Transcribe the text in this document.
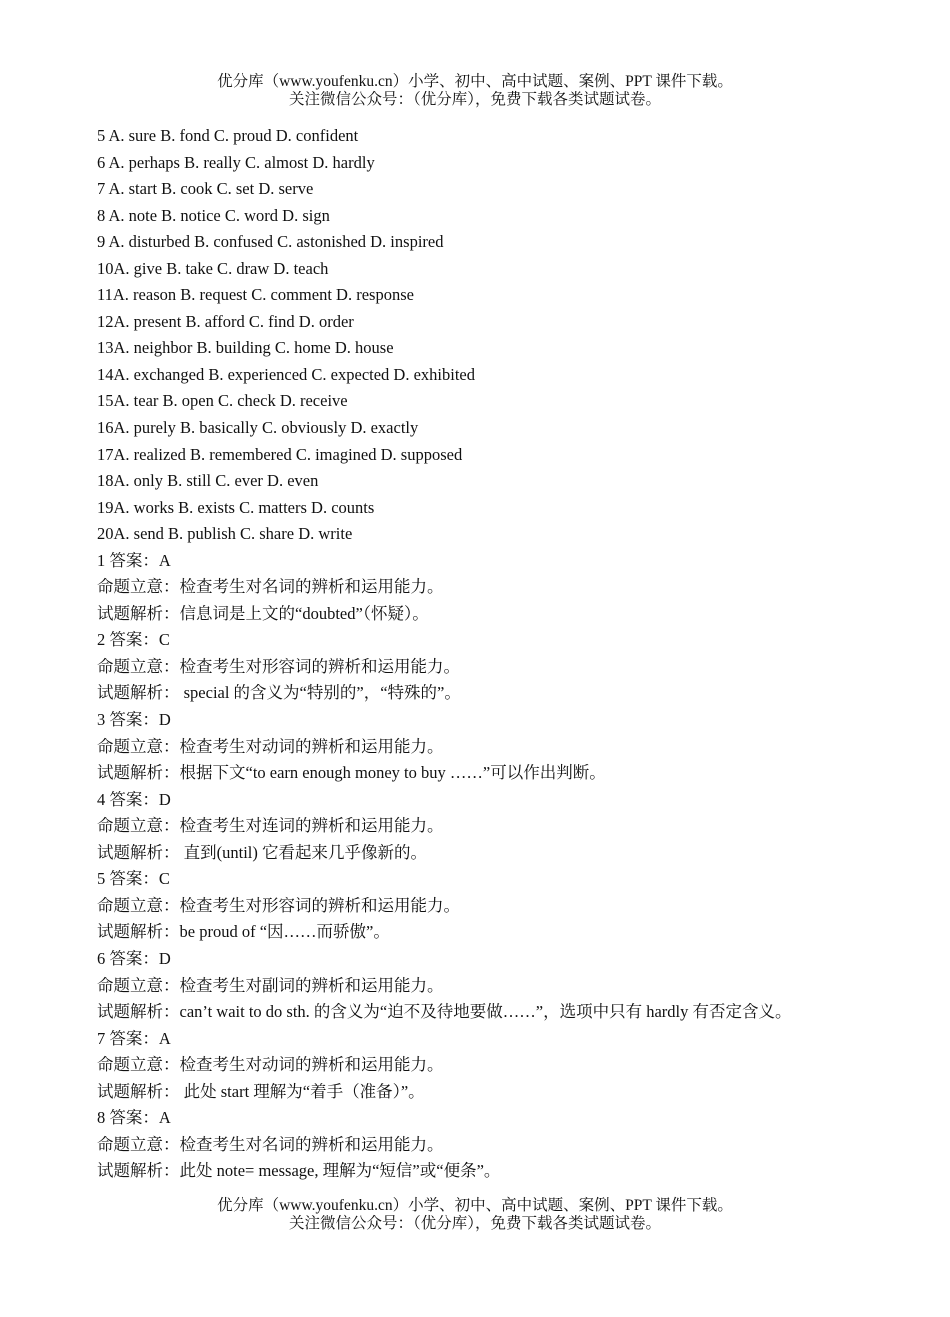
优分库（www.youfenku.cn）小学、初中、高中试题、案例、PPT 课件下载。
关注微信公众号：（优分库），免费下载各类试题试卷。
5 A. sure B. fond C. proud D. confident
6 A. perhaps B. really C. almost D. hardly
7 A. start B. cook C. set D. serve
8 A. note B. notice C. word D. sign
9 A. disturbed B. confused C. astonished D. inspired
10A. give B. take C. draw D. teach
11A. reason B. request C. comment D. response
12A. present B. afford C. find D. order
13A. neighbor B. building C. home D. house
14A. exchanged B. experienced C. expected D. exhibited
15A. tear B. open C. check D. receive
16A. purely B. basically C. obviously D. exactly
17A. realized B. remembered C. imagined D. supposed
18A. only B. still C. ever D. even
19A. works B. exists C. matters D. counts
20A. send B. publish C. share D. write
1 答案：A
命题立意：检查考生对名词的辨析和运用能力。
试题解析：信息词是上文的“doubted”（怀疑）。
2 答案：C
命题立意：检查考生对形容词的辨析和运用能力。
试题解析： special 的含义为“特别的”，“特殊的”。
3 答案：D
命题立意：检查考生对动词的辨析和运用能力。
试题解析：根据下文“to earn enough money to buy ……”可以作出判断。
4 答案：D
命题立意：检查考生对连词的辨析和运用能力。
试题解析： 直到(until) 它看起来几乎像新的。
5 答案：C
命题立意：检查考生对形容词的辨析和运用能力。
试题解析：be proud of “因……而骄傲”。
6 答案：D
命题立意：检查考生对副词的辨析和运用能力。
试题解析：can’t wait to do sth. 的含义为“迫不及待地要做……”，选项中只有 hardly 有否定含义。
7 答案：A
命题立意：检查考生对动词的辨析和运用能力。
试题解析： 此处 start 理解为“着手（准备）”。
8 答案：A
命题立意：检查考生对名词的辨析和运用能力。
试题解析：此处 note= message, 理解为“短信”或“便条”。
优分库（www.youfenku.cn）小学、初中、高中试题、案例、PPT 课件下载。
关注微信公众号：（优分库），免费下载各类试题试卷。
